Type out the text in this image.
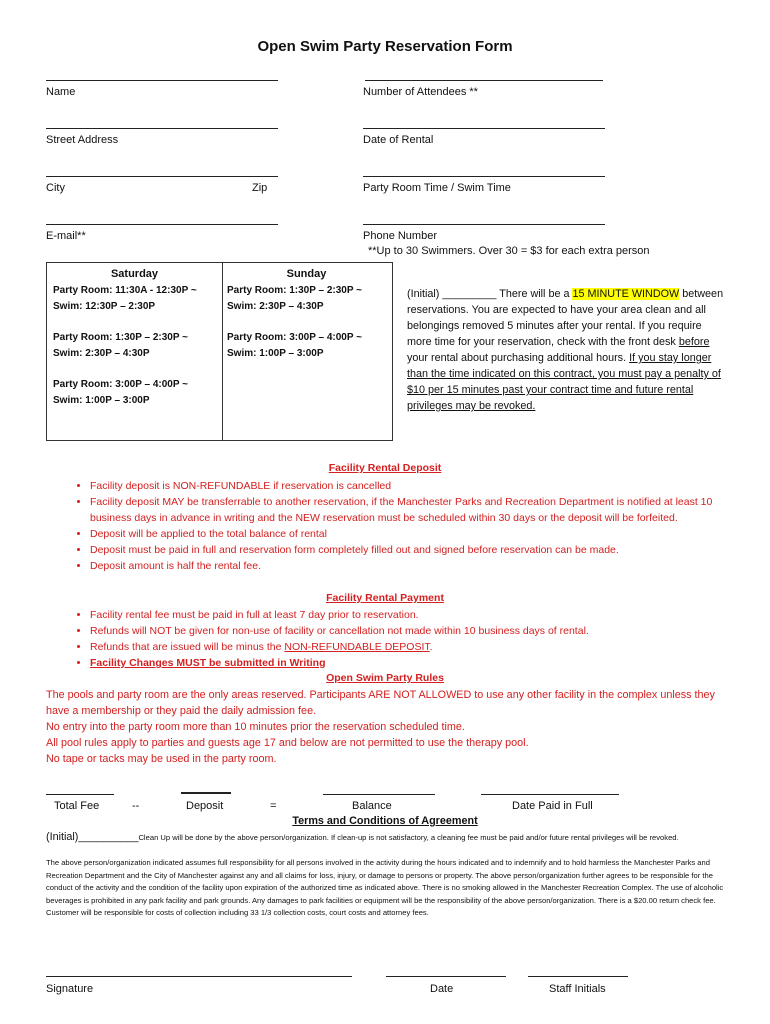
Open Swim Party Reservation Form
Name	Number of Attendees **
Street Address	Date of Rental
City	Zip	Party Room Time / Swim Time
E-mail**	Phone Number
**Up to 30 Swimmers. Over 30 = $3 for each extra person
Saturday
Party Room: 11:30A - 12:30P ~
Swim: 12:30P – 2:30P
Party Room: 1:30P – 2:30P ~
Swim: 2:30P – 4:30P
Party Room: 3:00P – 4:00P ~
Swim: 1:00P – 3:00P
Sunday
Party Room: 1:30P – 2:30P ~
Swim: 2:30P – 4:30P
Party Room: 3:00P – 4:00P ~
Swim: 1:00P – 3:00P
(Initial) _________ There will be a 15 MINUTE WINDOW between reservations. You are expected to have your area clean and all belongings removed 5 minutes after your rental. If you require more time for your reservation, check with the front desk before your rental about purchasing additional hours. If you stay longer than the time indicated on this contract, you must pay a penalty of $10 per 15 minutes past your contract time and future rental privileges may be revoked.
Facility Rental Deposit
• Facility deposit is NON-REFUNDABLE if reservation is cancelled
• Facility deposit MAY be transferrable to another reservation, if the Manchester Parks and Recreation Department is notified at least 10 business days in advance in writing and the NEW reservation must be scheduled within 30 days or the deposit will be forfeited.
• Deposit will be applied to the total balance of rental
• Deposit must be paid in full and reservation form completely filled out and signed before reservation can be made.
• Deposit amount is half the rental fee.
Facility Rental Payment
• Facility rental fee must be paid in full at least 7 day prior to reservation.
• Refunds will NOT be given for non-use of facility or cancellation not made within 10 business days of rental.
• Refunds that are issued will be minus the NON-REFUNDABLE DEPOSIT.
• Facility Changes MUST be submitted in Writing
Open Swim Party Rules
The pools and party room are the only areas reserved. Participants ARE NOT ALLOWED to use any other facility in the complex unless they have a membership or they paid the daily admission fee.
No entry into the party room more than 10 minutes prior the reservation scheduled time.
All pool rules apply to parties and guests age 17 and below are not permitted to use the therapy pool.
No tape or tacks may be used in the party room.
Total Fee	--	Deposit	=	Balance	Date Paid in Full
Terms and Conditions of Agreement
(Initial)__________Clean Up will be done by the above person/organization. If clean-up is not satisfactory, a cleaning fee must be paid and/or future rental privileges will be revoked.
The above person/organization indicated assumes full responsibility for all persons involved in the activity during the hours indicated and to indemnify and to hold harmless the Manchester Parks and Recreation Department and the City of Manchester against any and all claims for loss, injury, or damage to persons or property. The above person/organization further agrees to be responsible for the conduct of the activity and the condition of the facility upon expiration of the authorized time as indicated above. There is no smoking allowed in the Manchester Recreation Complex. The use of alcoholic beverages is prohibited in any park facility and park grounds. Any damages to park facilities or equipment will be the responsibility of the above person/organization. There is a $20.00 return check fee. Customer will be responsible for costs of collection including 33 1/3 collection costs, court costs and attorney fees.
Signature	Date	Staff Initials
